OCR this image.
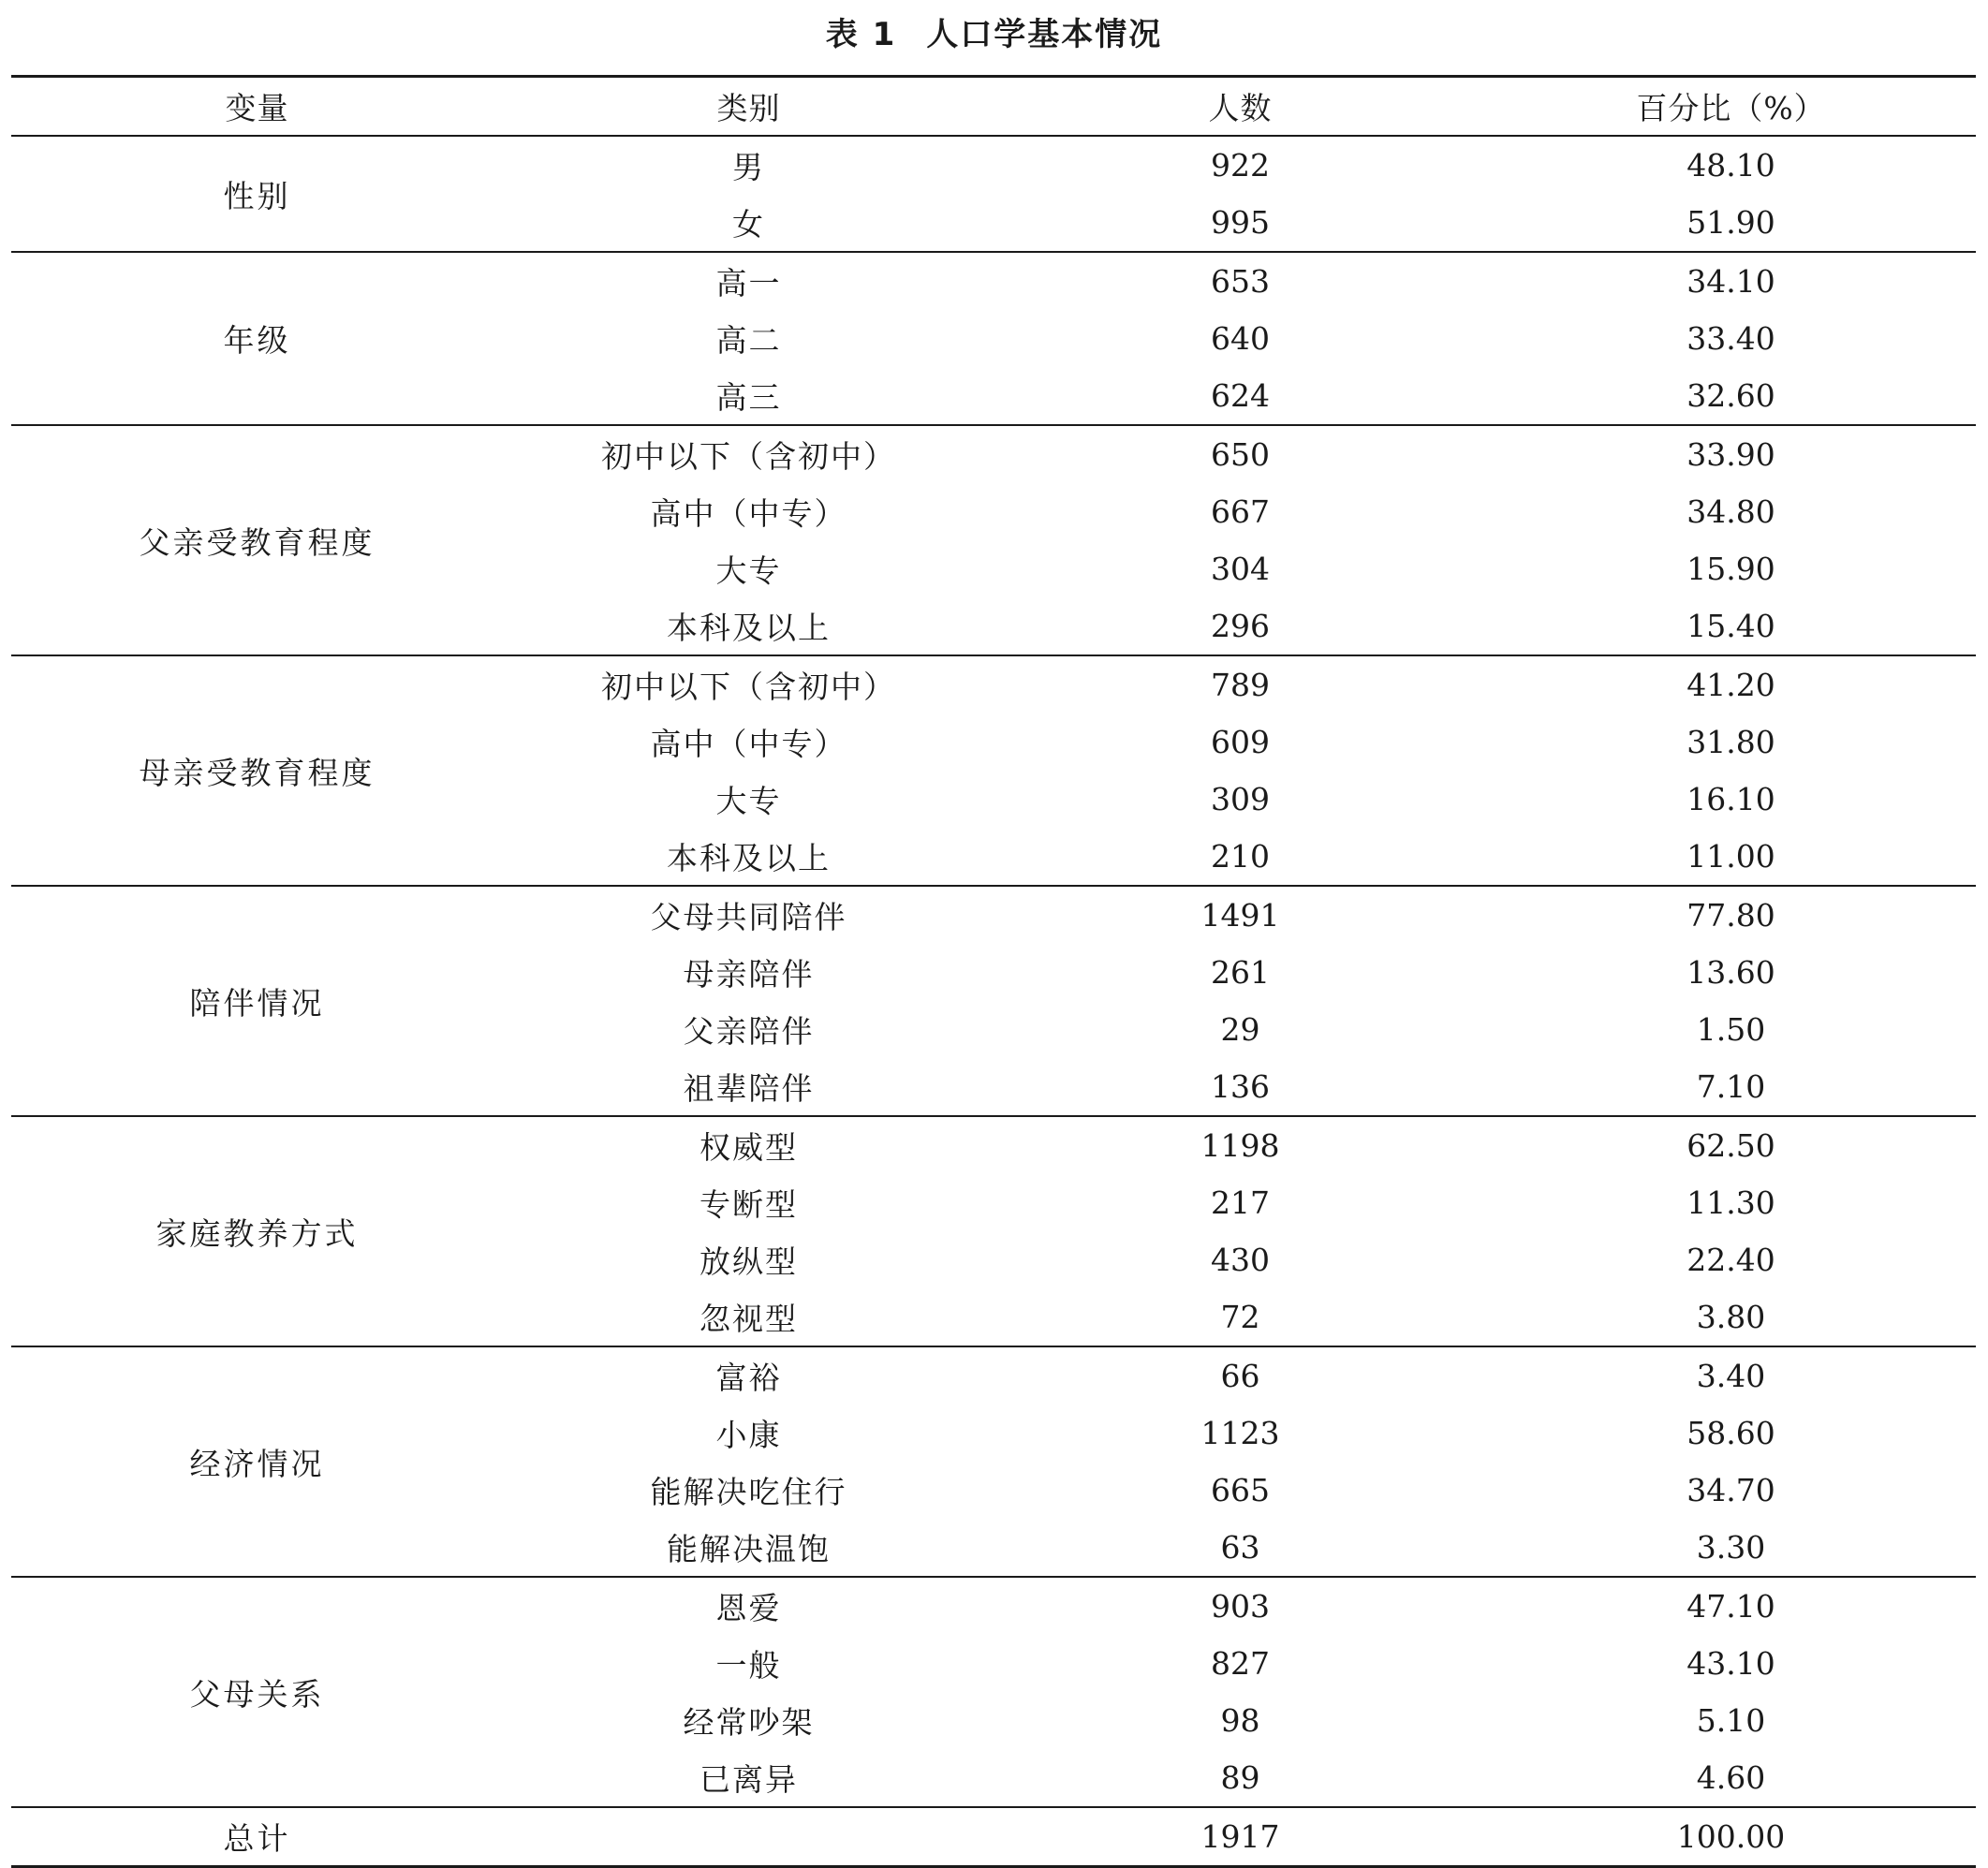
表 1 人口学基本情况
变量	类别	人数	百分比（%）
性别	男	922	48.10
	女	995	51.90
年级	高一	653	34.10
	高二	640	33.40
	高三	624	32.60
父亲受教育程度	初中以下（含初中）	650	33.90
	高中（中专）	667	34.80
	大专	304	15.90
	本科及以上	296	15.40
母亲受教育程度	初中以下（含初中）	789	41.20
	高中（中专）	609	31.80
	大专	309	16.10
	本科及以上	210	11.00
陪伴情况	父母共同陪伴	1491	77.80
	母亲陪伴	261	13.60
	父亲陪伴	29	1.50
	祖辈陪伴	136	7.10
家庭教养方式	权威型	1198	62.50
	专断型	217	11.30
	放纵型	430	22.40
	忽视型	72	3.80
经济情况	富裕	66	3.40
	小康	1123	58.60
	能解决吃住行	665	34.70
	能解决温饱	63	3.30
父母关系	恩爱	903	47.10
	一般	827	43.10
	经常吵架	98	5.10
	已离异	89	4.60
总计		1917	100.00
